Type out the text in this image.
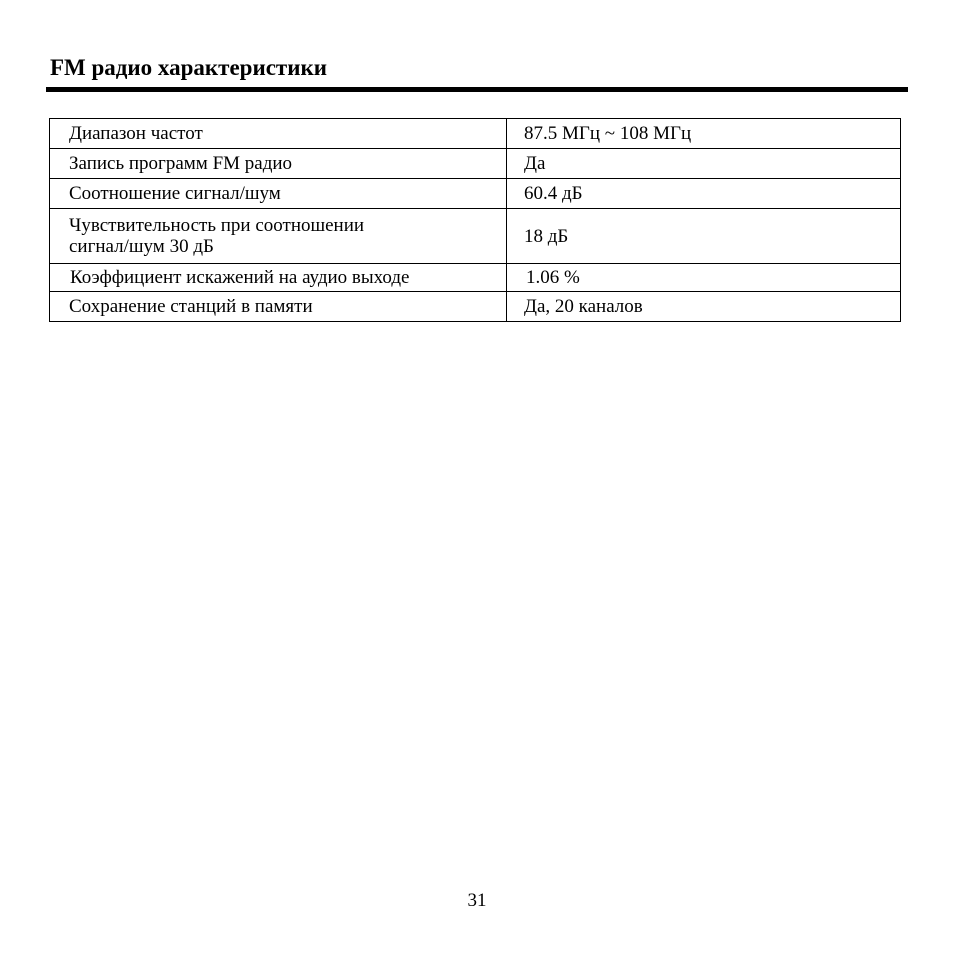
FM радио характеристики
Диапазон частот	87.5 МГц ~ 108 МГц
Запись программ FM радио	Да
Соотношение сигнал/шум	60.4 дБ
Чувствительность при соотношении
сигнал/шум 30 дБ	18 дБ
Коэффициент искажений на аудио выходе	1.06 %
Сохранение станций в памяти	Да, 20 каналов
31
